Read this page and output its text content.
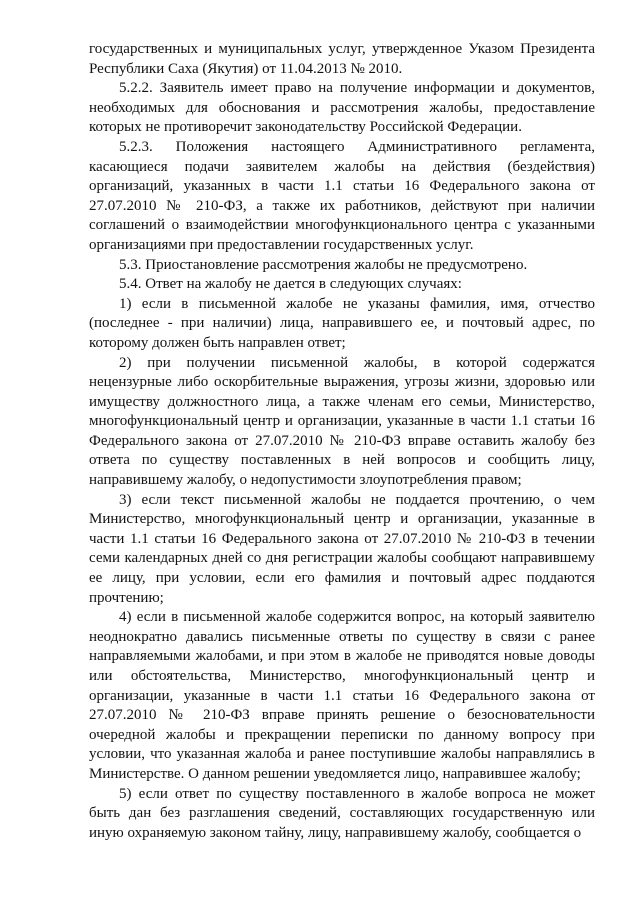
государственных и муниципальных услуг, утвержденное Указом Президента Республики Саха (Якутия) от 11.04.2013 № 2010.

5.2.2. Заявитель имеет право на получение информации и документов, необходимых для обоснования и рассмотрения жалобы, предоставление которых не противоречит законодательству Российской Федерации.

5.2.3. Положения настоящего Административного регламента, касающиеся подачи заявителем жалобы на действия (бездействия) организаций, указанных в части 1.1 статьи 16 Федерального закона от 27.07.2010 № 210-ФЗ, а также их работников, действуют при наличии соглашений о взаимодействии многофункционального центра с указанными организациями при предоставлении государственных услуг.

5.3. Приостановление рассмотрения жалобы не предусмотрено.

5.4. Ответ на жалобу не дается в следующих случаях:

1) если в письменной жалобе не указаны фамилия, имя, отчество (последнее - при наличии) лица, направившего ее, и почтовый адрес, по которому должен быть направлен ответ;

2) при получении письменной жалобы, в которой содержатся нецензурные либо оскорбительные выражения, угрозы жизни, здоровью или имуществу должностного лица, а также членам его семьи, Министерство, многофункциональный центр и организации, указанные в части 1.1 статьи 16 Федерального закона от 27.07.2010 № 210-ФЗ вправе оставить жалобу без ответа по существу поставленных в ней вопросов и сообщить лицу, направившему жалобу, о недопустимости злоупотребления правом;

3) если текст письменной жалобы не поддается прочтению, о чем Министерство, многофункциональный центр и организации, указанные в части 1.1 статьи 16 Федерального закона от 27.07.2010 № 210-ФЗ в течении семи календарных дней со дня регистрации жалобы сообщают направившему ее лицу, при условии, если его фамилия и почтовый адрес поддаются прочтению;

4) если в письменной жалобе содержится вопрос, на который заявителю неоднократно давались письменные ответы по существу в связи с ранее направляемыми жалобами, и при этом в жалобе не приводятся новые доводы или обстоятельства, Министерство, многофункциональный центр и организации, указанные в части 1.1 статьи 16 Федерального закона от 27.07.2010 № 210-ФЗ вправе принять решение о безосновательности очередной жалобы и прекращении переписки по данному вопросу при условии, что указанная жалоба и ранее поступившие жалобы направлялись в Министерстве. О данном решении уведомляется лицо, направившее жалобу;

5) если ответ по существу поставленного в жалобе вопроса не может быть дан без разглашения сведений, составляющих государственную или иную охраняемую законом тайну, лицу, направившему жалобу, сообщается о
